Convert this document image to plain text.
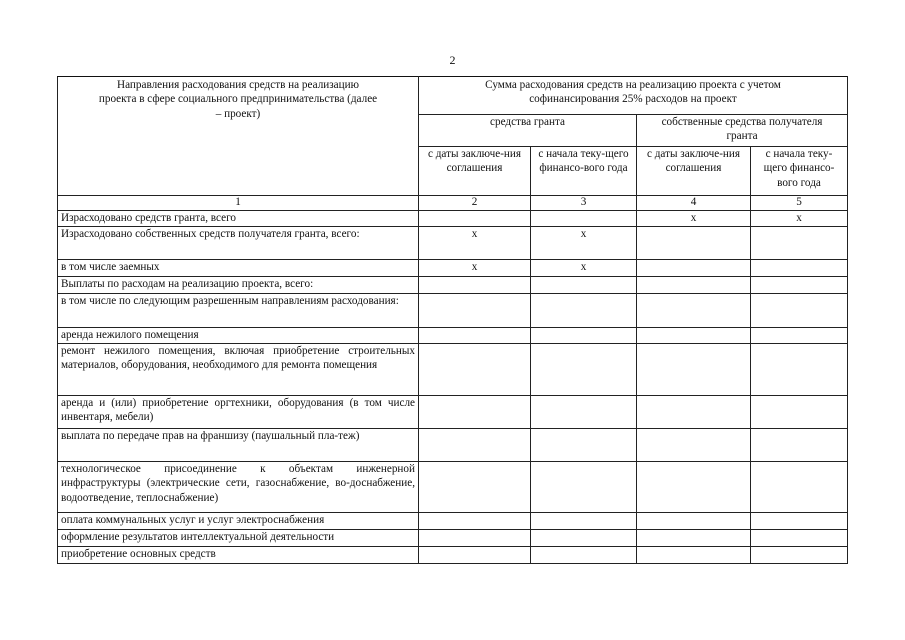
2
Направления расходования средств на реализацию проекта в сфере социального предпринимательства (далее – проект)	Сумма расходования средств на реализацию проекта с учетом софинансирования 25% расходов на проект			
	средства гранта		собственные средства получателя гранта	
	с даты заключе-ния соглашения	с начала теку-щего финансо-вого года	с даты заключе-ния соглашения	с начала теку-щего финансо-вого года
1	2	3	4	5
Израсходовано средств гранта, всего			x	x
Израсходовано собственных средств получателя гранта, всего:	x	x		
в том числе заемных	x	x		
Выплаты по расходам на реализацию проекта, всего:				
в том числе по следующим разрешенным направлениям расходования:				
аренда нежилого помещения				
ремонт нежилого помещения, включая приобретение строительных материалов, оборудования, необходимого для ремонта помещения				
аренда и (или) приобретение оргтехники, оборудования (в том числе инвентаря, мебели)				
выплата по передаче прав на франшизу (паушальный пла-теж)				
технологическое присоединение к объектам инженерной инфраструктуры (электрические сети, газоснабжение, во-доснабжение, водоотведение, теплоснабжение)				
оплата коммунальных услуг и услуг электроснабжения				
оформление результатов интеллектуальной деятельности				
приобретение основных средств				
